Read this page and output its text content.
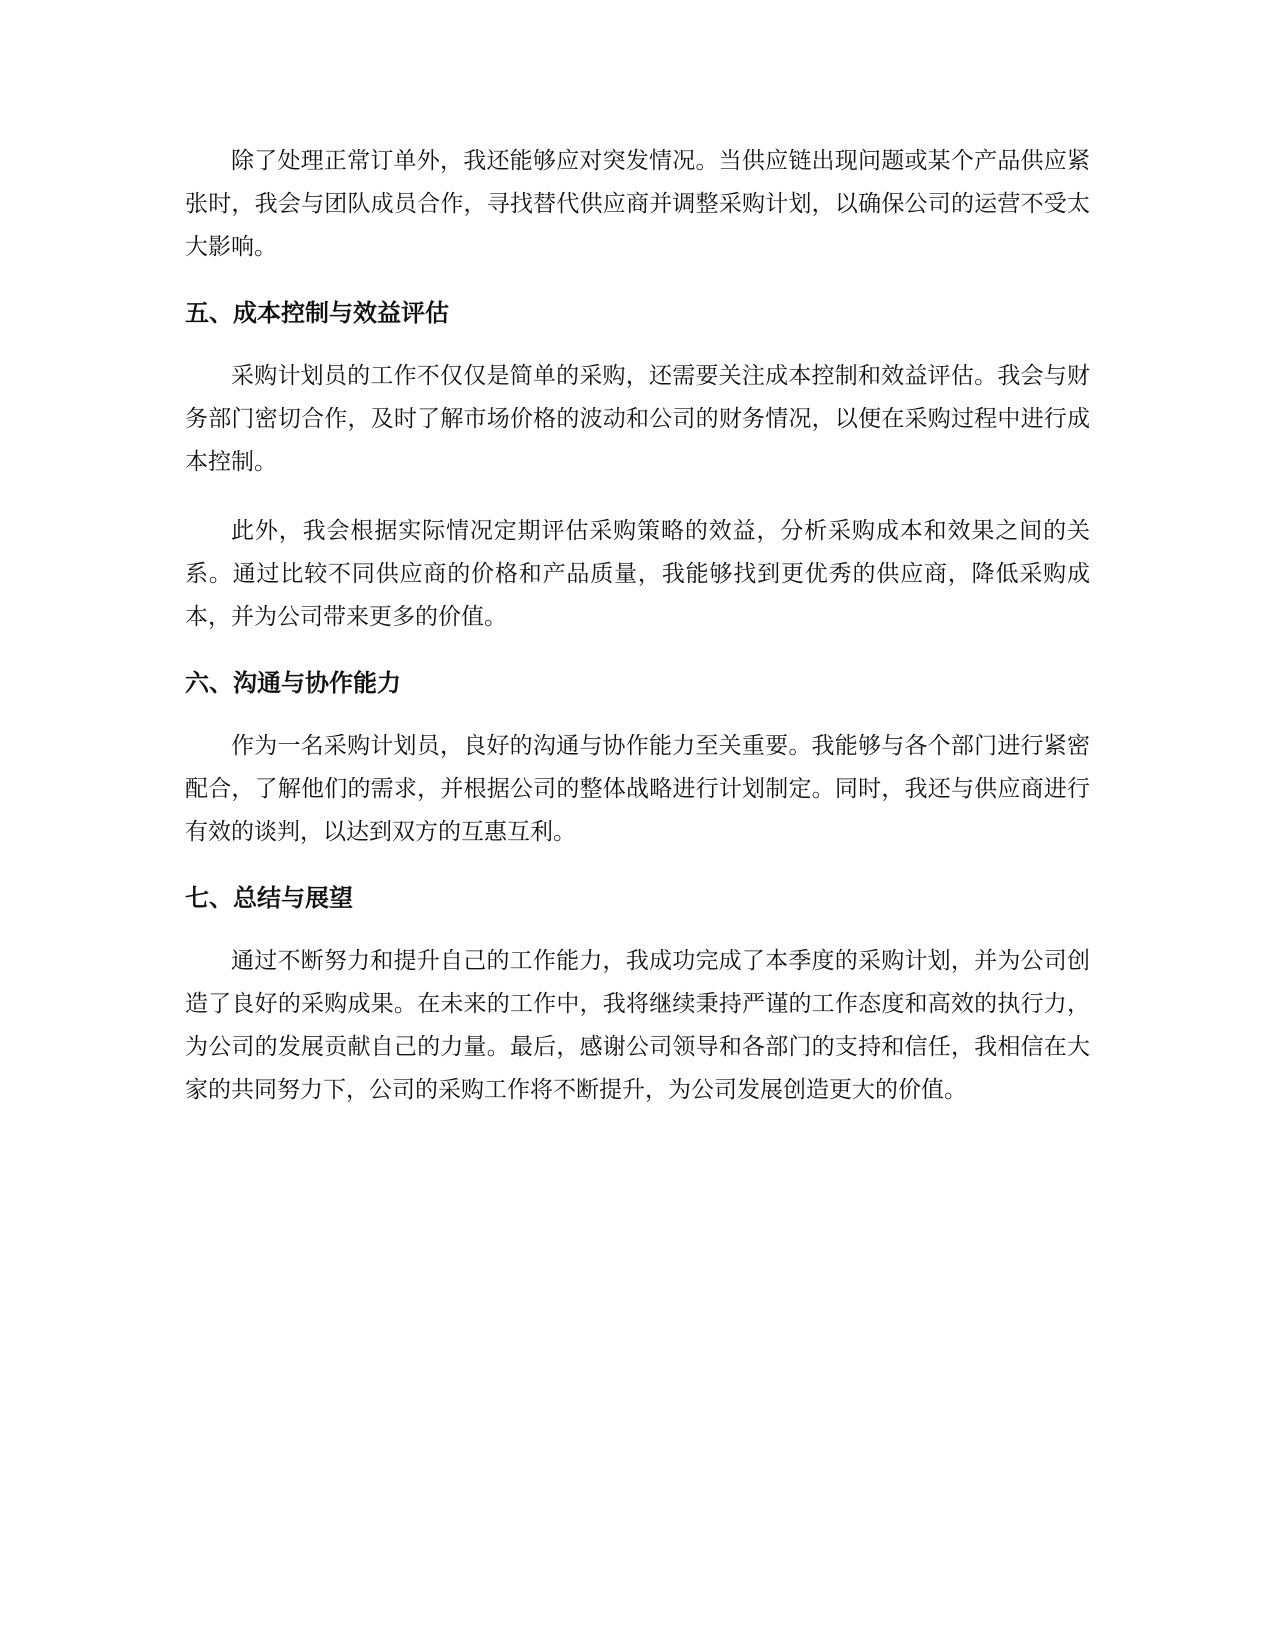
除了处理正常订单外，我还能够应对突发情况。当供应链出现问题或某个产品供应紧张时，我会与团队成员合作，寻找替代供应商并调整采购计划，以确保公司的运营不受太大影响。

五、成本控制与效益评估

采购计划员的工作不仅仅是简单的采购，还需要关注成本控制和效益评估。我会与财务部门密切合作，及时了解市场价格的波动和公司的财务情况，以便在采购过程中进行成本控制。

此外，我会根据实际情况定期评估采购策略的效益，分析采购成本和效果之间的关系。通过比较不同供应商的价格和产品质量，我能够找到更优秀的供应商，降低采购成本，并为公司带来更多的价值。

六、沟通与协作能力

作为一名采购计划员，良好的沟通与协作能力至关重要。我能够与各个部门进行紧密配合，了解他们的需求，并根据公司的整体战略进行计划制定。同时，我还与供应商进行有效的谈判，以达到双方的互惠互利。

七、总结与展望

通过不断努力和提升自己的工作能力，我成功完成了本季度的采购计划，并为公司创造了良好的采购成果。在未来的工作中，我将继续秉持严谨的工作态度和高效的执行力，为公司的发展贡献自己的力量。最后，感谢公司领导和各部门的支持和信任，我相信在大家的共同努力下，公司的采购工作将不断提升，为公司发展创造更大的价值。
